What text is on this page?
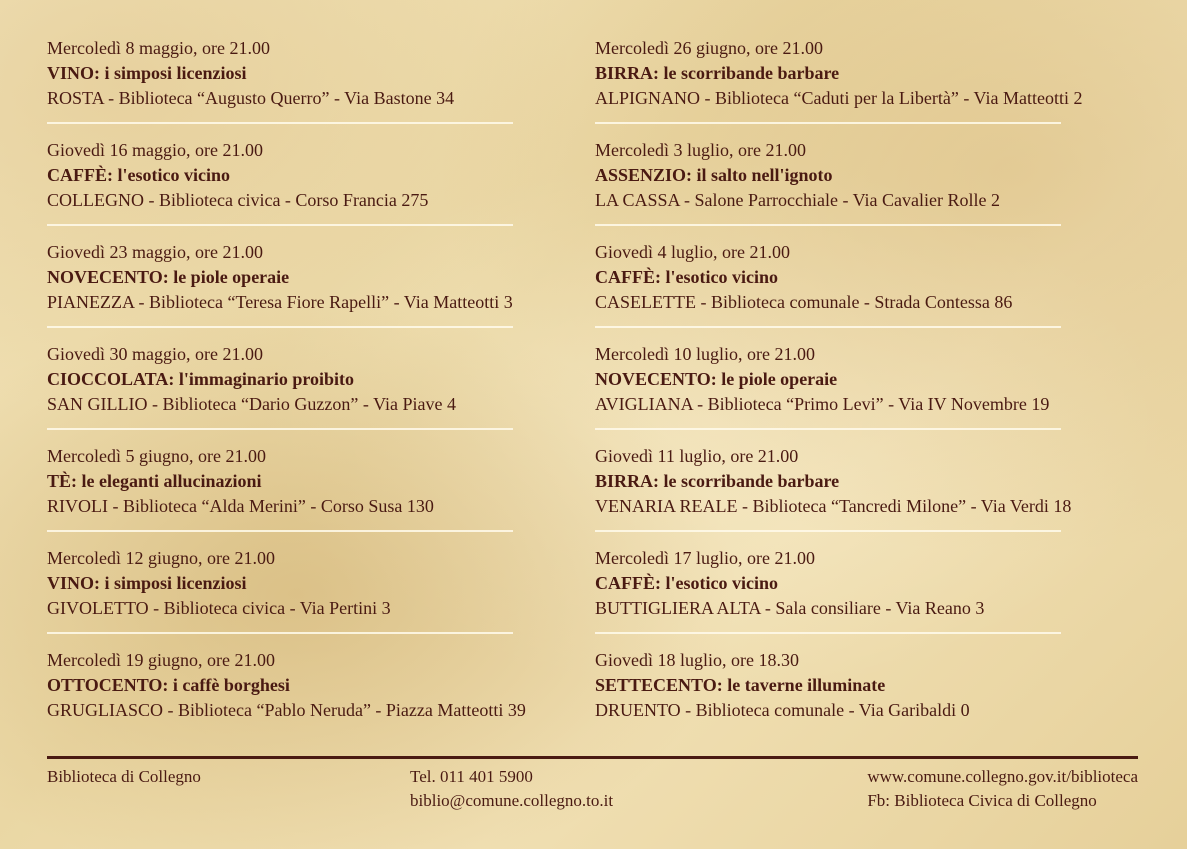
Mercoledì 8 maggio, ore 21.00
VINO: i simposi licenziosi
ROSTA - Biblioteca “Augusto Querro” - Via Bastone 34
Giovedì 16 maggio, ore 21.00
CAFFÈ: l'esotico vicino
COLLEGNO - Biblioteca civica - Corso Francia 275
Giovedì 23 maggio, ore 21.00
NOVECENTO: le piole operaie
PIANEZZA - Biblioteca “Teresa Fiore Rapelli” - Via Matteotti 3
Giovedì 30 maggio, ore 21.00
CIOCCOLATA: l'immaginario proibito
SAN GILLIO - Biblioteca “Dario Guzzon” - Via Piave 4
Mercoledì 5 giugno, ore 21.00
TÈ: le eleganti allucinazioni
RIVOLI - Biblioteca “Alda Merini” - Corso Susa 130
Mercoledì 12 giugno, ore 21.00
VINO: i simposi licenziosi
GIVOLETTO - Biblioteca civica - Via Pertini 3
Mercoledì 19 giugno, ore 21.00
OTTOCENTO: i caffè borghesi
GRUGLIASCO - Biblioteca “Pablo Neruda” - Piazza Matteotti 39
Mercoledì 26 giugno, ore 21.00
BIRRA: le scorribande barbare
ALPIGNANO - Biblioteca “Caduti per la Libertà” - Via Matteotti 2
Mercoledì 3 luglio, ore 21.00
ASSENZIO: il salto nell'ignoto
LA CASSA - Salone Parrocchiale - Via Cavalier Rolle 2
Giovedì 4 luglio, ore 21.00
CAFFÈ: l'esotico vicino
CASELETTE - Biblioteca comunale - Strada Contessa 86
Mercoledì 10 luglio, ore 21.00
NOVECENTO: le piole operaie
AVIGLIANA - Biblioteca “Primo Levi” - Via IV Novembre 19
Giovedì 11 luglio, ore 21.00
BIRRA: le scorribande barbare
VENARIA REALE - Biblioteca “Tancredi Milone” - Via Verdi 18
Mercoledì 17 luglio, ore 21.00
CAFFÈ: l'esotico vicino
BUTTIGLIERA ALTA - Sala consiliare - Via Reano 3
Giovedì 18 luglio, ore 18.30
SETTECENTO: le taverne illuminate
DRUENTO - Biblioteca comunale - Via Garibaldi 0
Biblioteca di Collegno	Tel. 011 401 5900
biblio@comune.collegno.to.it
www.comune.collegno.gov.it/biblioteca
Fb: Biblioteca Civica di Collegno
